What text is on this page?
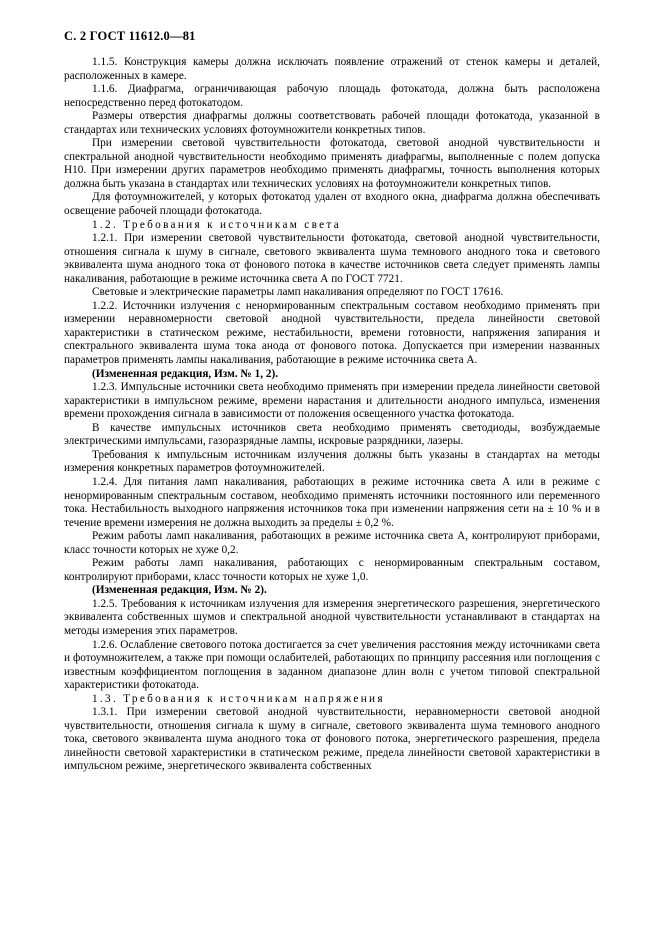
С. 2 ГОСТ 11612.0—81

1.1.5. Конструкция камеры должна исключать появление отражений от стенок камеры и деталей, расположенных в камере.

1.1.6. Диафрагма, ограничивающая рабочую площадь фотокатода, должна быть расположена непосредственно перед фотокатодом.

Размеры отверстия диафрагмы должны соответствовать рабочей площади фотокатода, указанной в стандартах или технических условиях фотоумножители конкретных типов.

При измерении световой чувствительности фотокатода, световой анодной чувствительности и спектральной анодной чувствительности необходимо применять диафрагмы, выполненные с полем допуска Н10. При измерении других параметров необходимо применять диафрагмы, точность выполнения которых должна быть указана в стандартах или технических условиях на фотоумножители конкретных типов.

Для фотоумножителей, у которых фотокатод удален от входного окна, диафрагма должна обеспечивать освещение рабочей площади фотокатода.

1.2. Требования к источникам света

1.2.1. При измерении световой чувствительности фотокатода, световой анодной чувствительности, отношения сигнала к шуму в сигнале, светового эквивалента шума темнового анодного тока и светового эквивалента шума анодного тока от фонового потока в качестве источников света следует применять лампы накаливания, работающие в режиме источника света А по ГОСТ 7721.

Световые и электрические параметры ламп накаливания определяют по ГОСТ 17616.

1.2.2. Источники излучения с ненормированным спектральным составом необходимо применять при измерении неравномерности световой анодной чувствительности, предела линейности световой характеристики в статическом режиме, нестабильности, времени готовности, напряжения запирания и спектрального эквивалента шума тока анода от фонового потока. Допускается при измерении названных параметров применять лампы накаливания, работающие в режиме источника света А.

(Измененная редакция, Изм. № 1, 2).

1.2.3. Импульсные источники света необходимо применять при измерении предела линейности световой характеристики в импульсном режиме, времени нарастания и длительности анодного импульса, изменения времени прохождения сигнала в зависимости от положения освещенного участка фотокатода.

В качестве импульсных источников света необходимо применять светодиоды, возбуждаемые электрическими импульсами, газоразрядные лампы, искровые разрядники, лазеры.

Требования к импульсным источникам излучения должны быть указаны в стандартах на методы измерения конкретных параметров фотоумножителей.

1.2.4. Для питания ламп накаливания, работающих в режиме источника света А или в режиме с ненормированным спектральным составом, необходимо применять источники постоянного или переменного тока. Нестабильность выходного напряжения источников тока при изменении напряжения сети на ± 10 % и в течение времени измерения не должна выходить за пределы ± 0,2 %.

Режим работы ламп накаливания, работающих в режиме источника света А, контролируют приборами, класс точности которых не хуже 0,2.

Режим работы ламп накаливания, работающих с ненормированным спектральным составом, контролируют приборами, класс точности которых не хуже 1,0.

(Измененная редакция, Изм. № 2).

1.2.5. Требования к источникам излучения для измерения энергетического разрешения, энергетического эквивалента собственных шумов и спектральной анодной чувствительности устанавливают в стандартах на методы измерения этих параметров.

1.2.6. Ослабление светового потока достигается за счет увеличения расстояния между источниками света и фотоумножителем, а также при помощи ослабителей, работающих по принципу рассеяния или поглощения с известным коэффициентом поглощения в заданном диапазоне длин волн с учетом типовой спектральной характеристики фотокатода.

1.3. Требования к источникам напряжения

1.3.1. При измерении световой анодной чувствительности, неравномерности световой анодной чувствительности, отношения сигнала к шуму в сигнале, светового эквивалента шума темнового анодного тока, светового эквивалента шума анодного тока от фонового потока, энергетического разрешения, предела линейности световой характеристики в статическом режиме, предела линейности световой характеристики в импульсном режиме, энергетического эквивалента собственных
